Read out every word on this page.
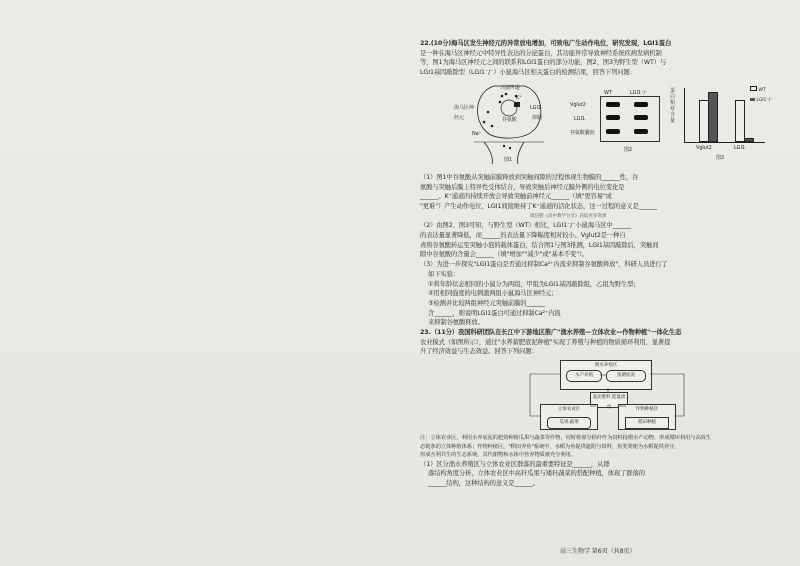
22.(10分)海马区发生神经元的异常放电增加，可致电广生动作电位，研究发现，LGI1蛋白
是一种在海马区神经元中特异性表达的分泌蛋白，其功能异常导致神经系统疾病发病机制
等，图1为海马区神经元之间的联系和LGI1蛋白的部分功能，图2、图3为野生型（WT）与
LGI1基因敲除型（LGI1⁻/⁻）小鼠海马区相关蛋白的检测结果，回答下列问题：
兴奋传递
海马区神经元
LGI1
谷氨酸
K⁺
Na⁺
抑制
图1
WT	LGI1⁻/⁻
Vglut2
LGI1
谷氨酸囊泡
图2
蛋白相对含量
WT
LGI1⁻/⁻
Vglut2	LGI1
图3
（1）图1中谷氨酸从突触前膜释放到突触间隙的过程体现生物膜的______性，谷
氨酸与突触后膜上特异性受体结合，导致突触后神经元膜外侧的电位变化是
______。K⁺通道的持续开放会导致突触前神经元______（填"更容易"或
"更难"）产生动作电位，LGI1间接维持了K⁺通道的活化状态，这一过程的意义是______
微信搜《高中教学分享》获取更多资源
（2）由图2、图3可知，与野生型（WT）相比，LGI1⁻/⁻小鼠海马区中______
的表达量显著降低，而______的表达量下降幅度相对较小。Vglut2是一种自
责将谷氨酸转运至突触小泡的载体蛋白，结合图1与图3推测，LGI1基因敲除后，突触间
隙中谷氨酸的含量会______（填"增加""减少"或"基本不变"）。
（3）为进一步探究"LGI1蛋白是否通过抑制Ca²⁺内流来抑制谷氨酸释放"，科研人员进行了
如下实验：
①将年龄状态相同的小鼠分为两组，甲组为LGI1基因敲除组，乙组为野生型；
②用相同强度的电刺激两组小鼠海马区神经元；
③检测并比较两组神经元突触前膜的______
含______，则说明LGI1蛋白可通过抑制Ca²⁺内流
来抑制谷氨酸释放。
23.（11分）我国科研团队在长江中下游地区推广"渔水养殖—立体农业—作物种植"一体化生态
农业模式（如图所示），通过"水养蓄肥底泥种植"实现了养殖与种植的物质循环利用，显著提
升了经济效益与生态效益。回答下列问题：
渔水养殖区
水产养殖	鱼塘底泥
底泥肥料 能量流动
立体农业区
瓜果·蔬菜
作物种植区
稻田种植
注：立体农业区，利用水养底泥的肥效种植瓜果与蔬菜等作物，同时将部分秸秆作为饲料投喂水产动物，形成循环利用与高效生
态链条的立体种植体系；作物种植区，"稻田养鱼"系统中，水稻为鱼提供遮阴与饵料，鱼类粪便为水稻提供养分，
形成互利共生的生态系统，其代谢物和水体中营养物质被充分利用。
（1）区分渔水养殖区与立体农业区群落的最重要特征是______，从群
落结构角度分析，立体农业区中高秆瓜果与矮秆蔬菜的搭配种植，体现了群落的
______结构，这种结构的意义是______。
高三生物学 第6页（共8页）
